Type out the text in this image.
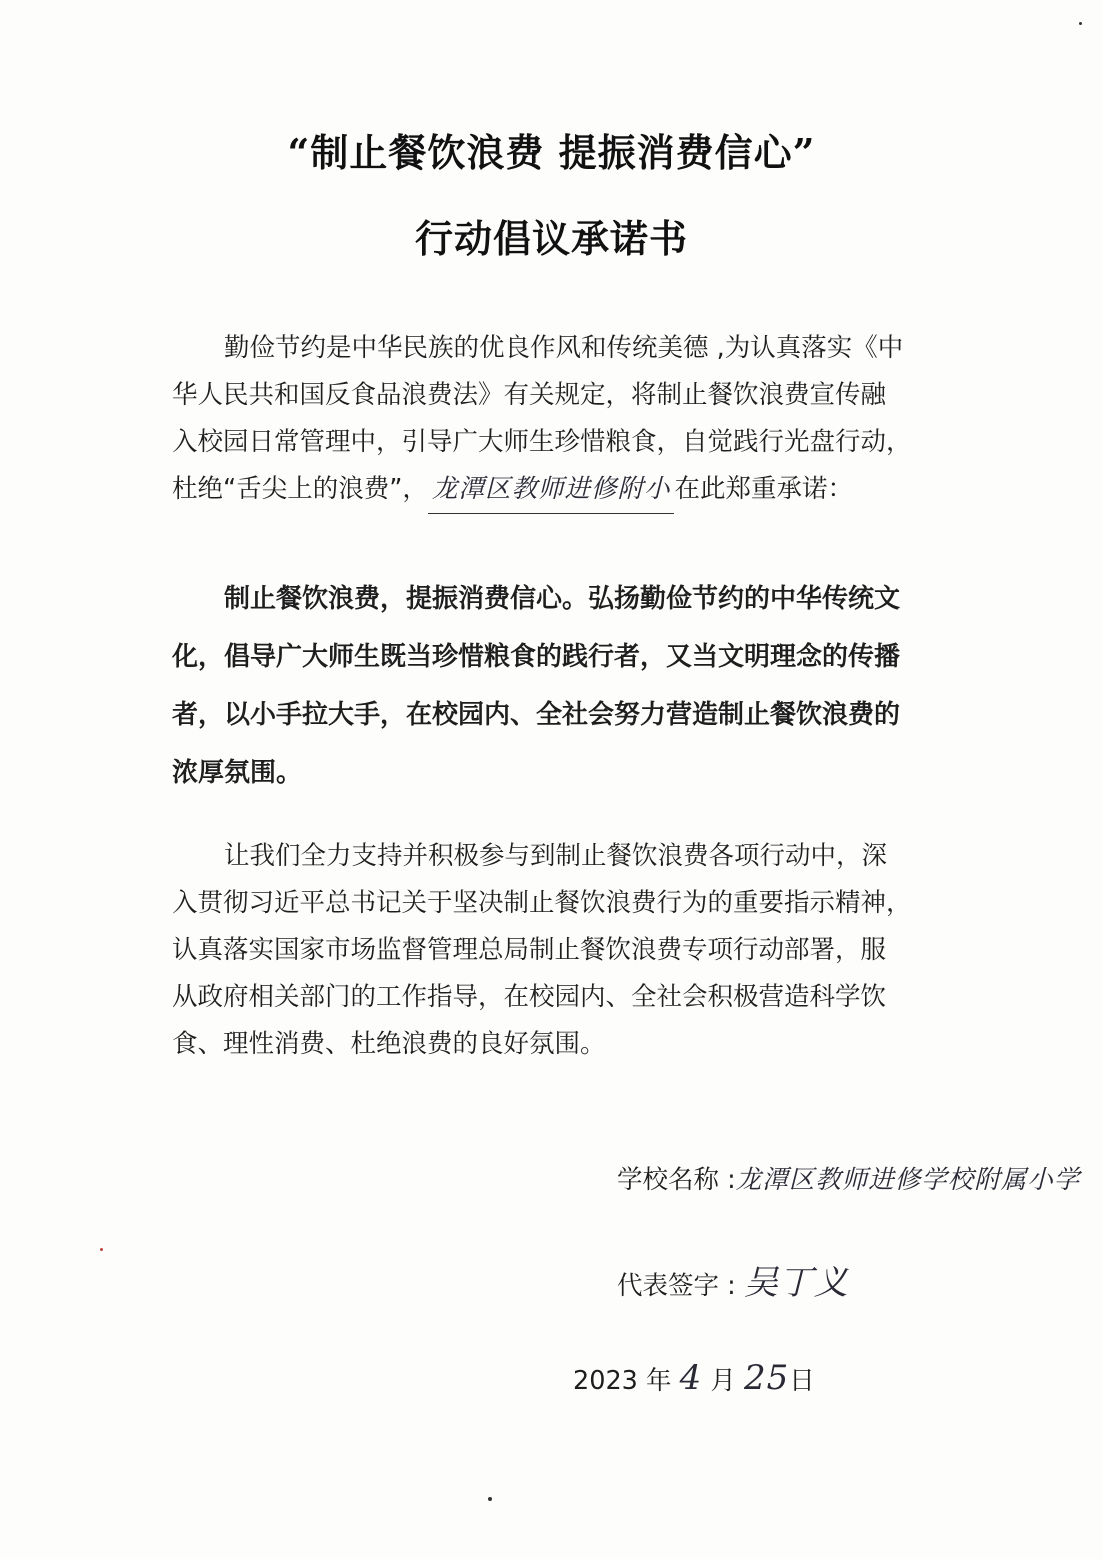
“制止餐饮浪费 提振消费信心”
行动倡议承诺书
勤俭节约是中华民族的优良作风和传统美德 ,为认真落实《中
华人民共和国反食品浪费法》有关规定，将制止餐饮浪费宣传融
入校园日常管理中，引导广大师生珍惜粮食，自觉践行光盘行动，
杜绝“舌尖上的浪费”， 龙潭区教师进修附小 在此郑重承诺：
制止餐饮浪费，提振消费信心。弘扬勤俭节约的中华传统文
化，倡导广大师生既当珍惜粮食的践行者，又当文明理念的传播
者，以小手拉大手，在校园内、全社会努力营造制止餐饮浪费的
浓厚氛围。
让我们全力支持并积极参与到制止餐饮浪费各项行动中，深
入贯彻习近平总书记关于坚决制止餐饮浪费行为的重要指示精神，
认真落实国家市场监督管理总局制止餐饮浪费专项行动部署，服
从政府相关部门的工作指导，在校园内、全社会积极营造科学饮
食、理性消费、杜绝浪费的良好氛围。
学校名称 :龙潭区教师进修学校附属小学
代表签字 : 吴丁义
2023 年 4 月 25日
